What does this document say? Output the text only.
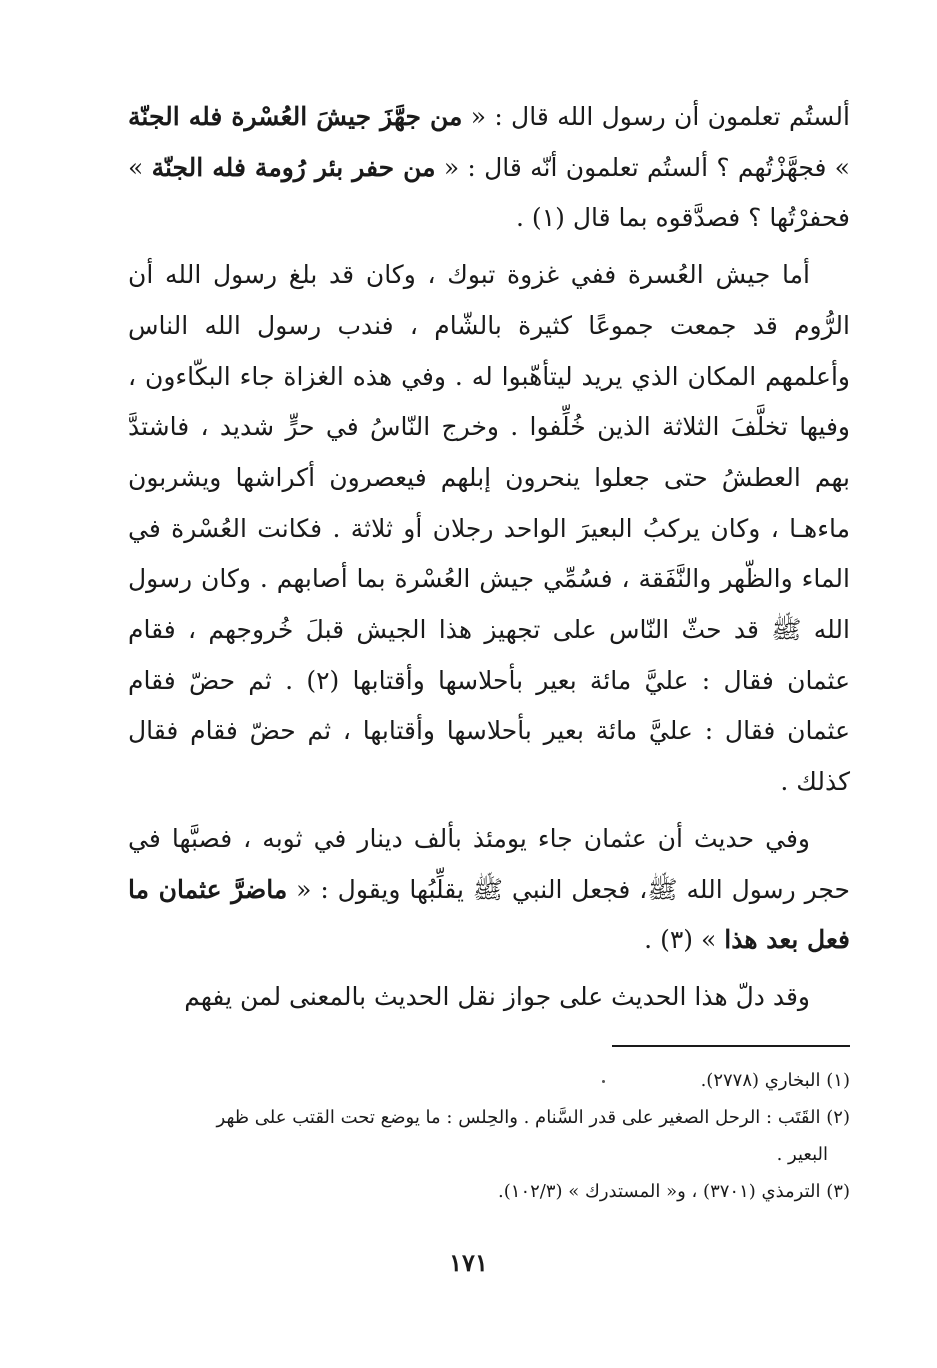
ألستُم تعلمون أن رسول الله قال : « من جهَّزَ جيشَ العُسْرة فله الجنّة » فجهَّزْتُهم ؟ ألستُم تعلمون أنّه قال : « من حفر بئر رُومة فله الجنّة » فحفرْتُها ؟ فصدَّقوه بما قال (١) .

أما جيش العُسرة ففي غزوة تبوك ، وكان قد بلغ رسول الله أن الرُّوم قد جمعت جموعًا كثيرة بالشّام ، فندب رسول الله الناس وأعلمهم المكان الذي يريد ليتأهّبوا له . وفي هذه الغزاة جاء البكّاءون ، وفيها تخلَّفَ الثلاثة الذين خُلِّفوا . وخرج النّاسُ في حرٍّ شديد ، فاشتدَّ بهم العطشُ حتى جعلوا ينحرون إبلهم فيعصرون أكراشها ويشربون ماءهـا ، وكان يركبُ البعيرَ الواحد رجلان أو ثلاثة . فكانت العُسْرة في الماء والظّهر والنَّفَقة ، فسُمِّي جيش العُسْرة بما أصابهم . وكان رسول الله ﷺ قد حثّ النّاس على تجهيز هذا الجيش قبلَ خُروجهم ، فقام عثمان فقال : عليَّ مائة بعير بأحلاسها وأقتابها (٢) . ثم حضّ فقام عثمان فقال : عليَّ مائة بعير بأحلاسها وأقتابها ، ثم حضّ فقام فقال كذلك .

وفي حديث أن عثمان جاء يومئذ بألف دينار في ثوبه ، فصبَّها في حجر رسول الله ﷺ، فجعل النبي ﷺ يقلِّبُها ويقول : « ماضرَّ عثمان ما فعل بعد هذا » (٣) .

وقد دلّ هذا الحديث على جواز نقل الحديث بالمعنى لمن يفهم

(١) البخاري (٢٧٧٨).

(٢) القَتَب : الرحل الصغير على قدر السَّنام . والحِلس : ما يوضع تحت القتب على ظهر
البعير .

(٣) الترمذي (٣٧٠١) ، و« المستدرك » (١٠٢/٣).

١٧١
